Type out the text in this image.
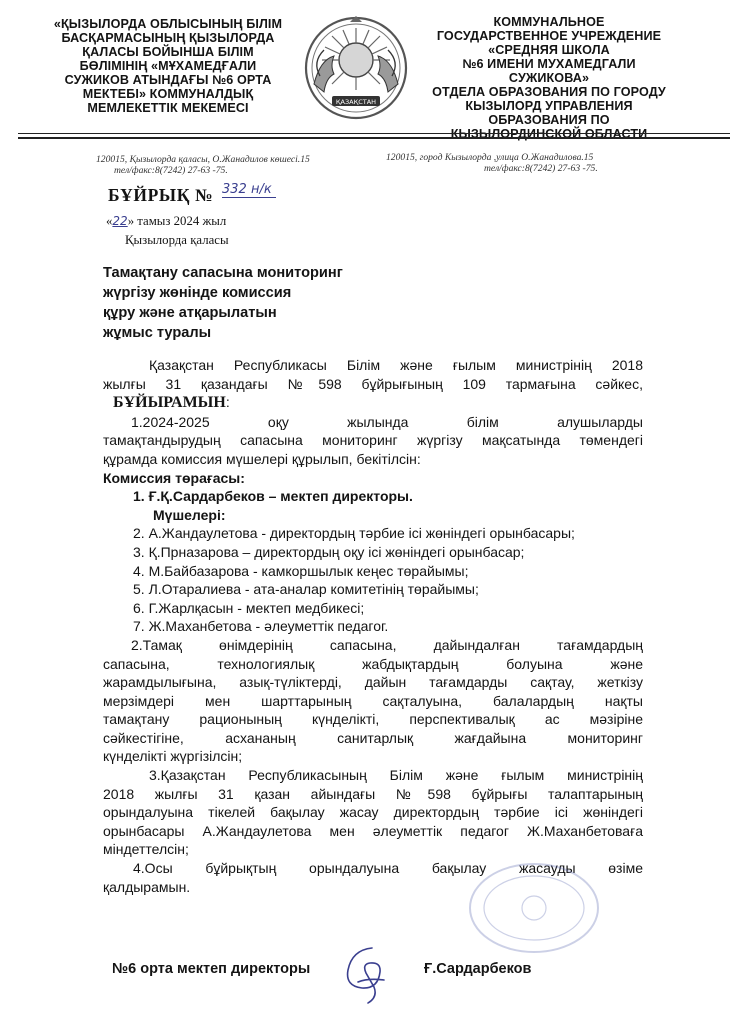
«ҚЫЗЫЛОРДА ОБЛЫСЫНЫҢ БІЛІМ
БАСҚАРМАСЫНЫҢ ҚЫЗЫЛОРДА
ҚАЛАСЫ БОЙЫНША БІЛІМ
БӨЛІМІНІҢ «МҰХАМЕДҒАЛИ
СУЖИКОВ АТЫНДАҒЫ №6 ОРТА
МЕКТЕБІ» КОММУНАЛДЫҚ
МЕМЛЕКЕТТІК МЕКЕМЕСІ	ҚАЗАҚСТАН
КОММУНАЛЬНОЕ
ГОСУДАРСТВЕННОЕ УЧРЕЖДЕНИЕ
«СРЕДНЯЯ ШКОЛА
№6 ИМЕНИ МУХАМЕДГАЛИ
СУЖИКОВА»
ОТДЕЛА ОБРАЗОВАНИЯ ПО ГОРОДУ
КЫЗЫЛОРД УПРАВЛЕНИЯ
ОБРАЗОВАНИЯ ПО
КЫЗЫЛОРДИНСКОЙ ОБЛАСТИ

120015, Қызылорда қаласы, О.Жанадилов көшесі.15

тел/факс:8(7242) 27-63 -75.

120015, город Кызылорда ,улица О.Жанадилова.15

тел/факс:8(7242) 27-63 -75.

БҰЙРЫҚ № 332 н/к
«22» тамыз 2024 жыл
Қызылорда қаласы
Тамақтану сапасына мониторинг
жүргізу жөнінде комиссия
құру және атқарылатын
жұмыс туралы

Қазақстан Республикасы Білім және ғылым министрінің 2018

жылғы 31 қазандағы №598 бұйрығының 109 тармағына сәйкес,

БҰЙЫРАМЫН:

1.2024-2025 оқу жылында білім алушыларды

тамақтандырудың сапасына мониторинг жүргізу мақсатында төмендегі

құрамда комиссия мүшелері құрылып, бекітілсін:

Комиссия төрағасы:

1. Ғ.Қ.Сардарбеков – мектеп директоры.

Мүшелері:

2. А.Жандаулетова - директордың тәрбие ісі жөніндегі орынбасары;

3. Қ.Прназарова – директордың оқу ісі жөніндегі орынбасар;

4. М.Байбазарова - камкоршылык кеңес төрайымы;

5. Л.Отаралиева - ата-аналар комитетінің төрайымы;

6. Г.Жарлқасын - мектеп медбикесі;

7. Ж.Маханбетова - әлеуметтік педагог.

2.Тамақ өнімдерінің сапасына, дайындалған тағамдардың

сапасына, технологиялық жабдықтардың болуына және

жарамдылығына, азық-түліктерді, дайын тағамдарды сақтау, жеткізу

мерзімдері мен шарттарының сақталуына, балалардың нақты

тамақтану рационының күнделікті, перспективалық ас мәзіріне

сәйкестігіне, асхананың санитарлық жағдайына мониторинг

күнделікті жүргізілсін;

3.Қазақстан Республикасының Білім және ғылым министрінің

2018 жылғы 31 қазан айындағы №598 бұйрығы талаптарының

орындалуына тікелей бақылау жасау директордың тәрбие ісі жөніндегі

орынбасары А.Жандаулетова мен әлеуметтік педагог Ж.Маханбетоваға

міндеттелсін;

4.Осы бұйрықтың орындалуына бақылау жасауды өзіме

қалдырамын.

№6 орта мектеп директоры	Ғ.Сардарбеков
